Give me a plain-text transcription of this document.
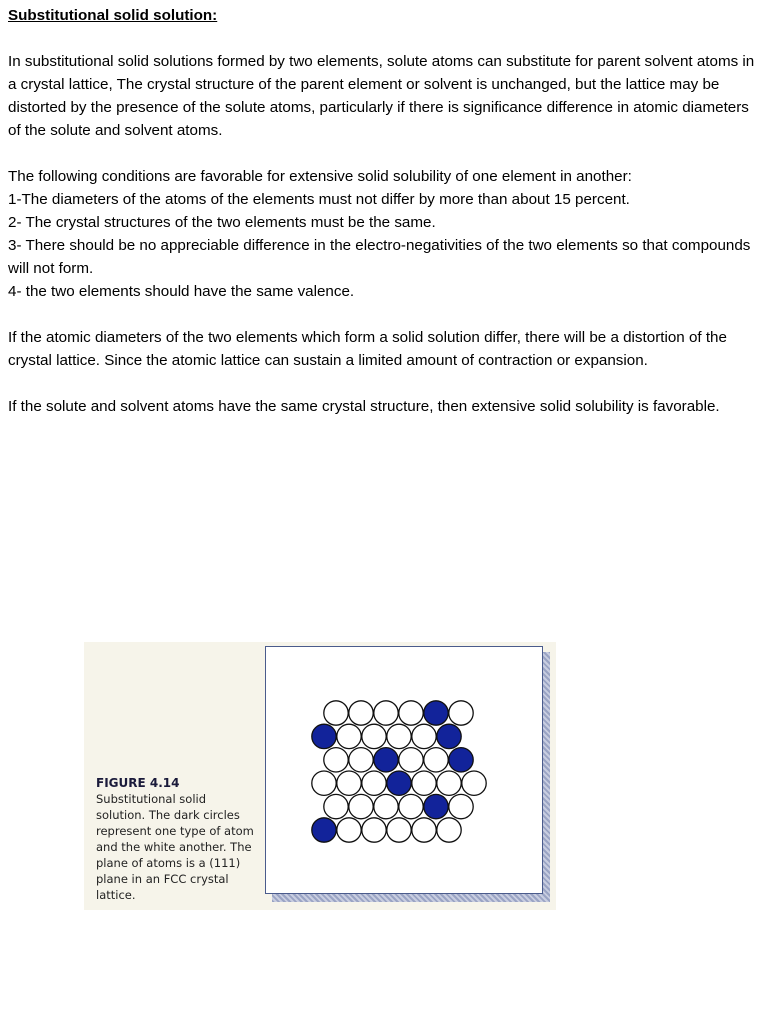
Substitutional solid solution:

In substitutional solid solutions formed by two elements, solute atoms can substitute for parent solvent atoms in a crystal lattice, The crystal structure of the parent element or solvent is unchanged, but the lattice may be distorted by the presence of the solute atoms, particularly if there is significance difference in atomic diameters of the solute and solvent atoms.

The following conditions are favorable for extensive solid solubility of one element in another:

1-The diameters of the atoms of the elements must not differ by more than about 15 percent.

2- The crystal structures of the two elements must be the same.

3- There should be no appreciable difference in the electro-negativities of the two elements so that compounds will not form.

4- the two elements should have the same valence.

If the atomic diameters of the two elements which form a solid solution differ, there will be a distortion of the crystal lattice. Since the atomic lattice can sustain a limited amount of contraction or expansion.

If the solute and solvent atoms have the same crystal structure, then extensive solid solubility is favorable.

FIGURE 4.14
Substitutional solid solution. The dark circles represent one type of atom and the white another. The plane of atoms is a (111) plane in an FCC crystal lattice.
